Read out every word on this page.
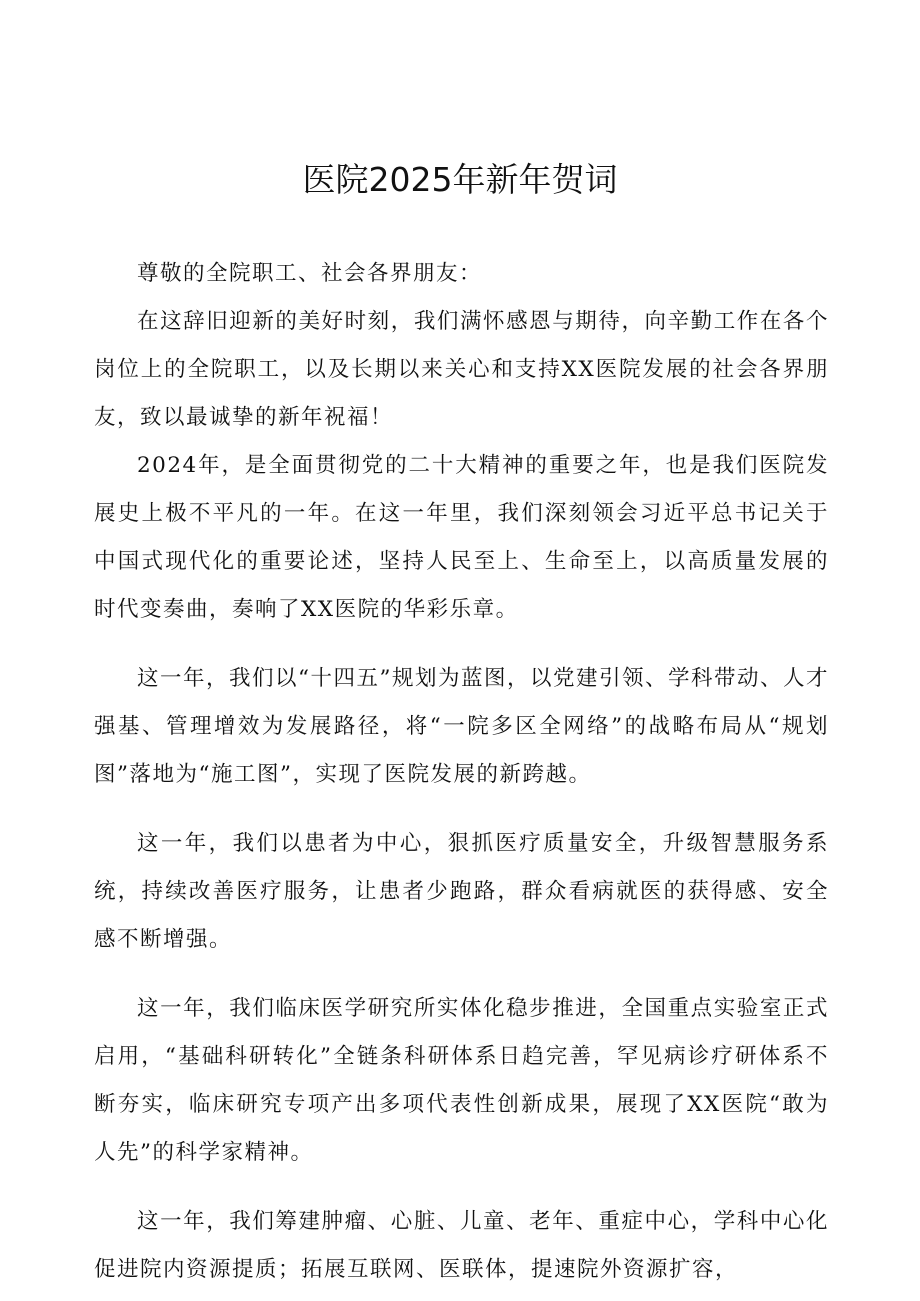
医院2025年新年贺词

尊敬的全院职工、社会各界朋友：

在这辞旧迎新的美好时刻，我们满怀感恩与期待，向辛勤工作在各个岗位上的全院职工，以及长期以来关心和支持XX医院发展的社会各界朋友，致以最诚挚的新年祝福！

2024年，是全面贯彻党的二十大精神的重要之年，也是我们医院发展史上极不平凡的一年。在这一年里，我们深刻领会习近平总书记关于中国式现代化的重要论述，坚持人民至上、生命至上，以高质量发展的时代变奏曲，奏响了XX医院的华彩乐章。

这一年，我们以“十四五”规划为蓝图，以党建引领、学科带动、人才强基、管理增效为发展路径，将“一院多区全网络”的战略布局从“规划图”落地为“施工图”，实现了医院发展的新跨越。

这一年，我们以患者为中心，狠抓医疗质量安全，升级智慧服务系统，持续改善医疗服务，让患者少跑路，群众看病就医的获得感、安全感不断增强。

这一年，我们临床医学研究所实体化稳步推进，全国重点实验室正式启用，“基础科研转化”全链条科研体系日趋完善，罕见病诊疗研体系不断夯实，临床研究专项产出多项代表性创新成果，展现了XX医院“敢为人先”的科学家精神。

这一年，我们筹建肿瘤、心脏、儿童、老年、重症中心，学科中心化促进院内资源提质；拓展互联网、医联体，提速院外资源扩容，
